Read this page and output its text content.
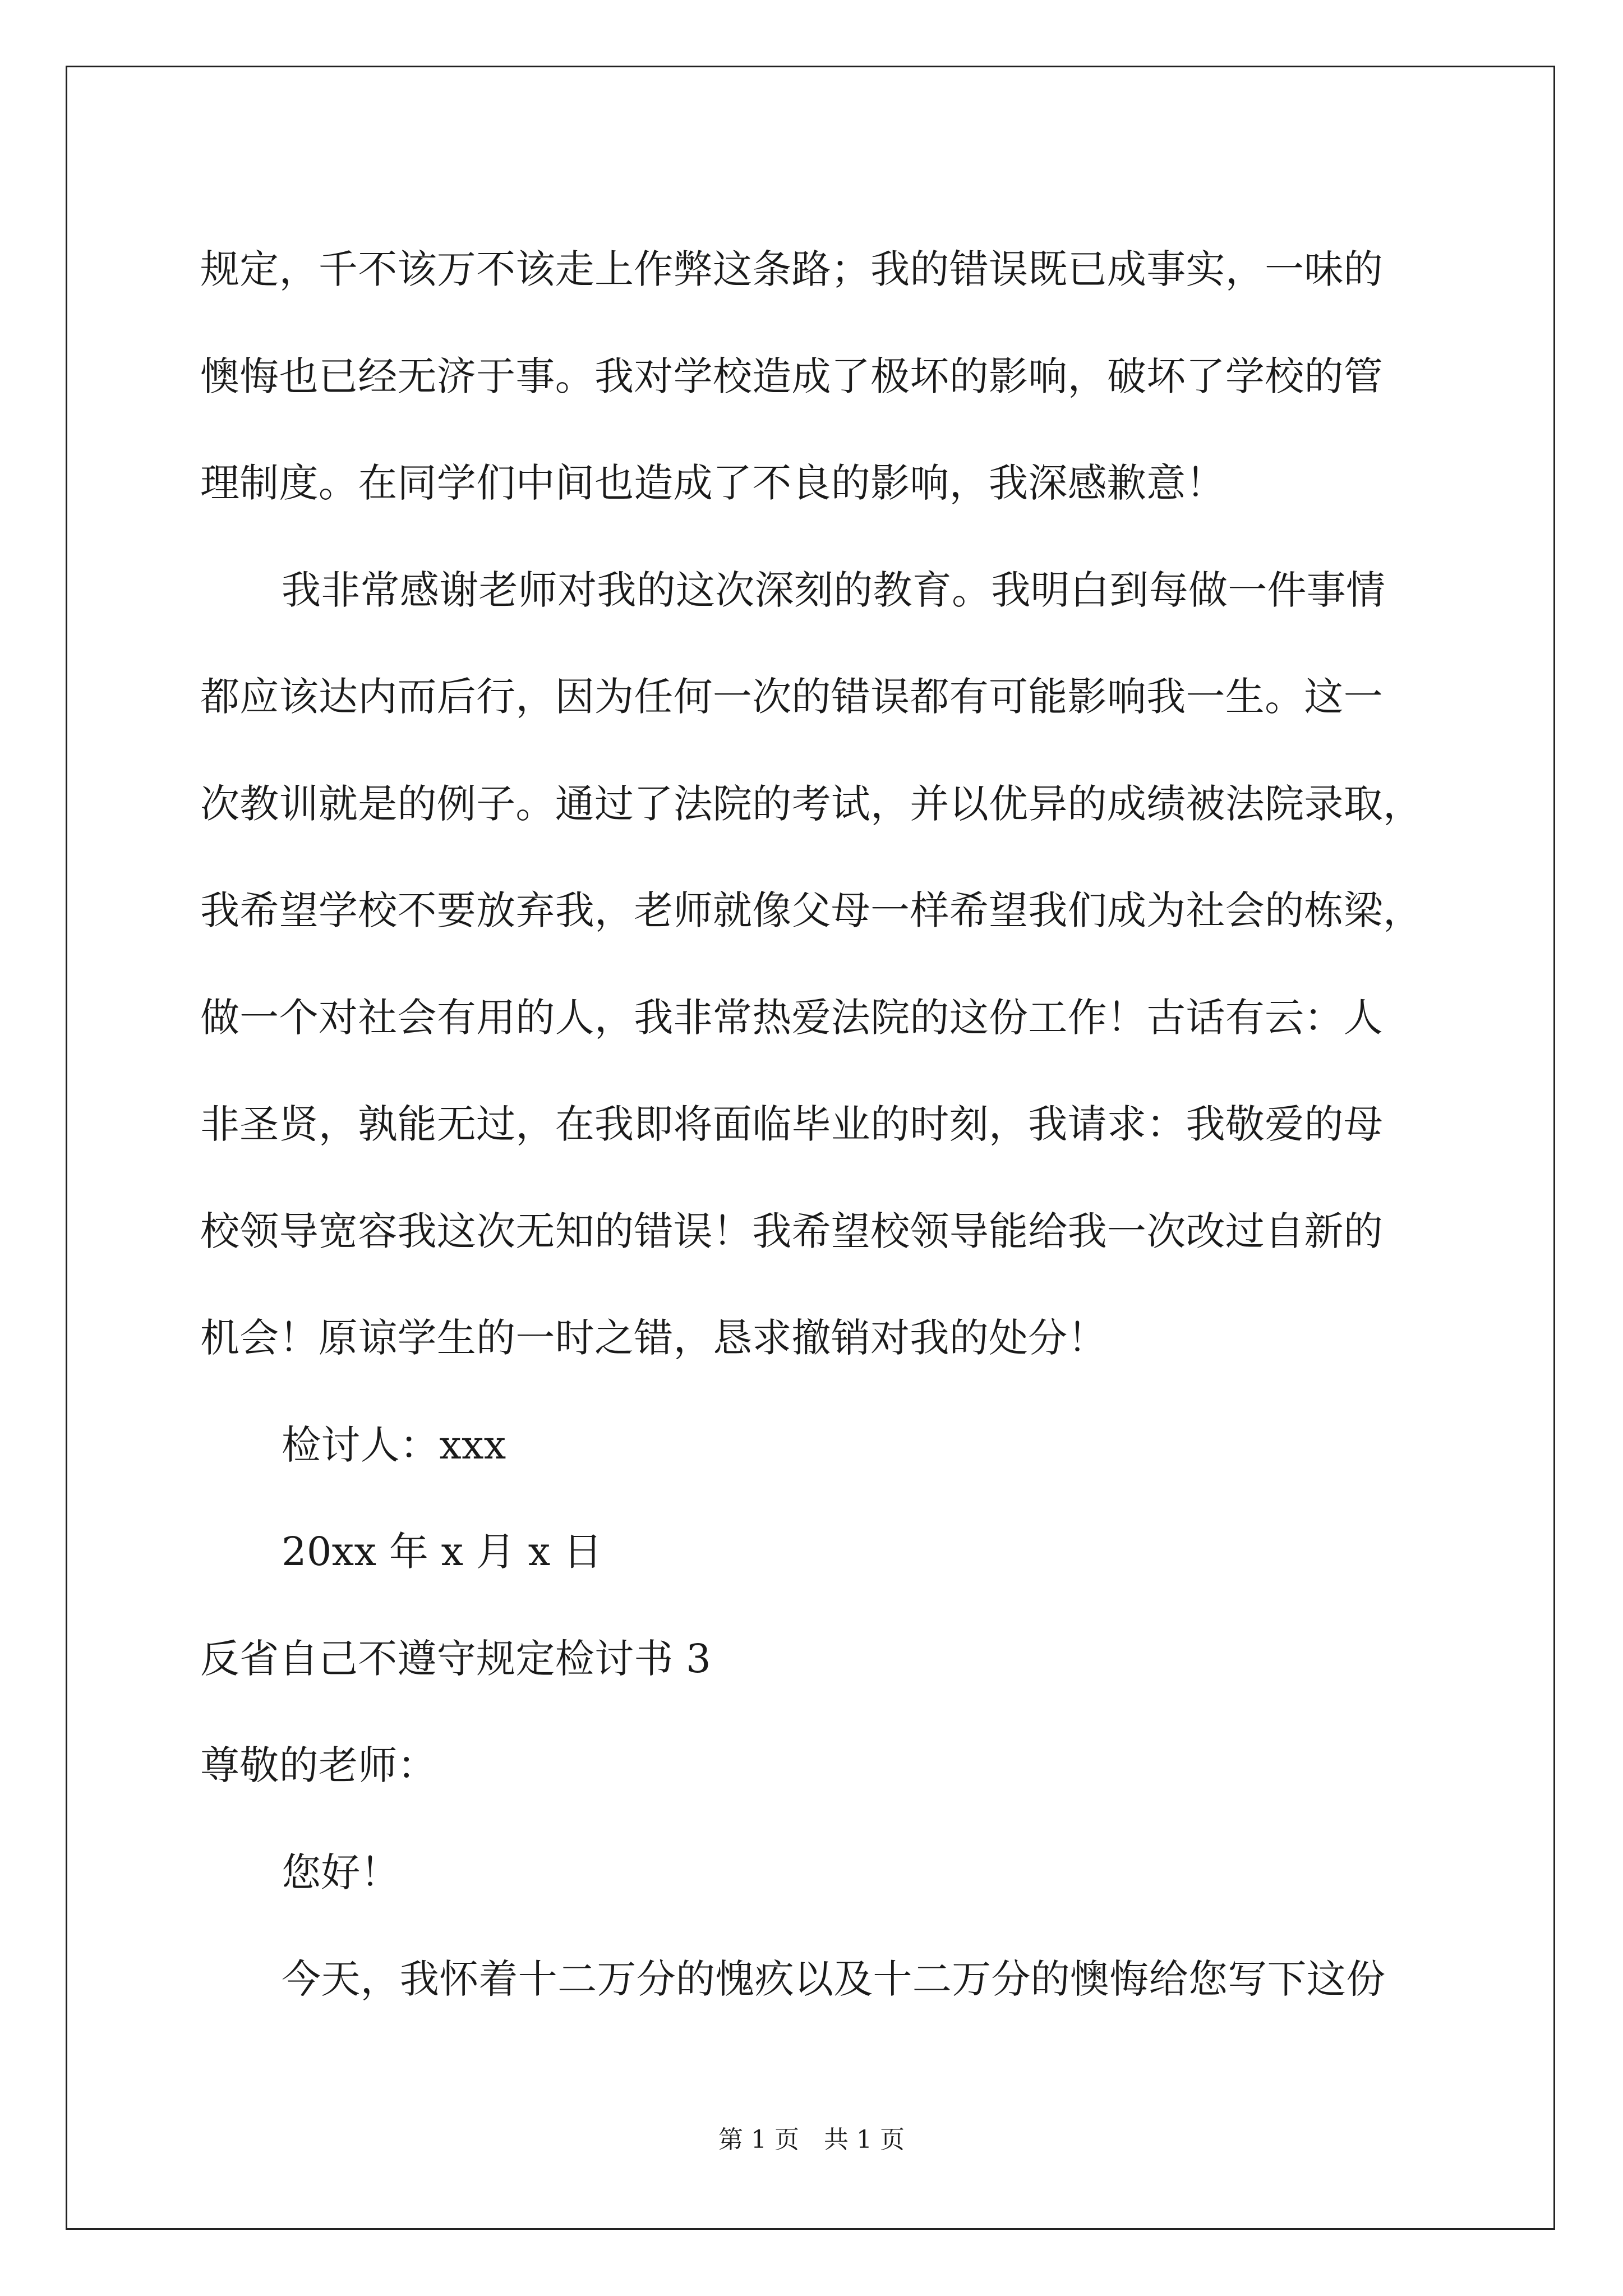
规定，千不该万不该走上作弊这条路；我的错误既已成事实，一味的
懊悔也已经无济于事。我对学校造成了极坏的影响，破坏了学校的管
理制度。在同学们中间也造成了不良的影响，我深感歉意！
我非常感谢老师对我的这次深刻的教育。我明白到每做一件事情
都应该达内而后行，因为任何一次的错误都有可能影响我一生。这一
次教训就是的例子。通过了法院的考试，并以优异的成绩被法院录取，
我希望学校不要放弃我，老师就像父母一样希望我们成为社会的栋梁，
做一个对社会有用的人，我非常热爱法院的这份工作！古话有云：人
非圣贤，孰能无过，在我即将面临毕业的时刻，我请求：我敬爱的母
校领导宽容我这次无知的错误！我希望校领导能给我一次改过自新的
机会！原谅学生的一时之错，恳求撤销对我的处分！
检讨人：xxx
20xx 年 x 月 x 日
反省自己不遵守规定检讨书 3
尊敬的老师：
您好！
今天，我怀着十二万分的愧疚以及十二万分的懊悔给您写下这份
第 1 页　共 1 页
